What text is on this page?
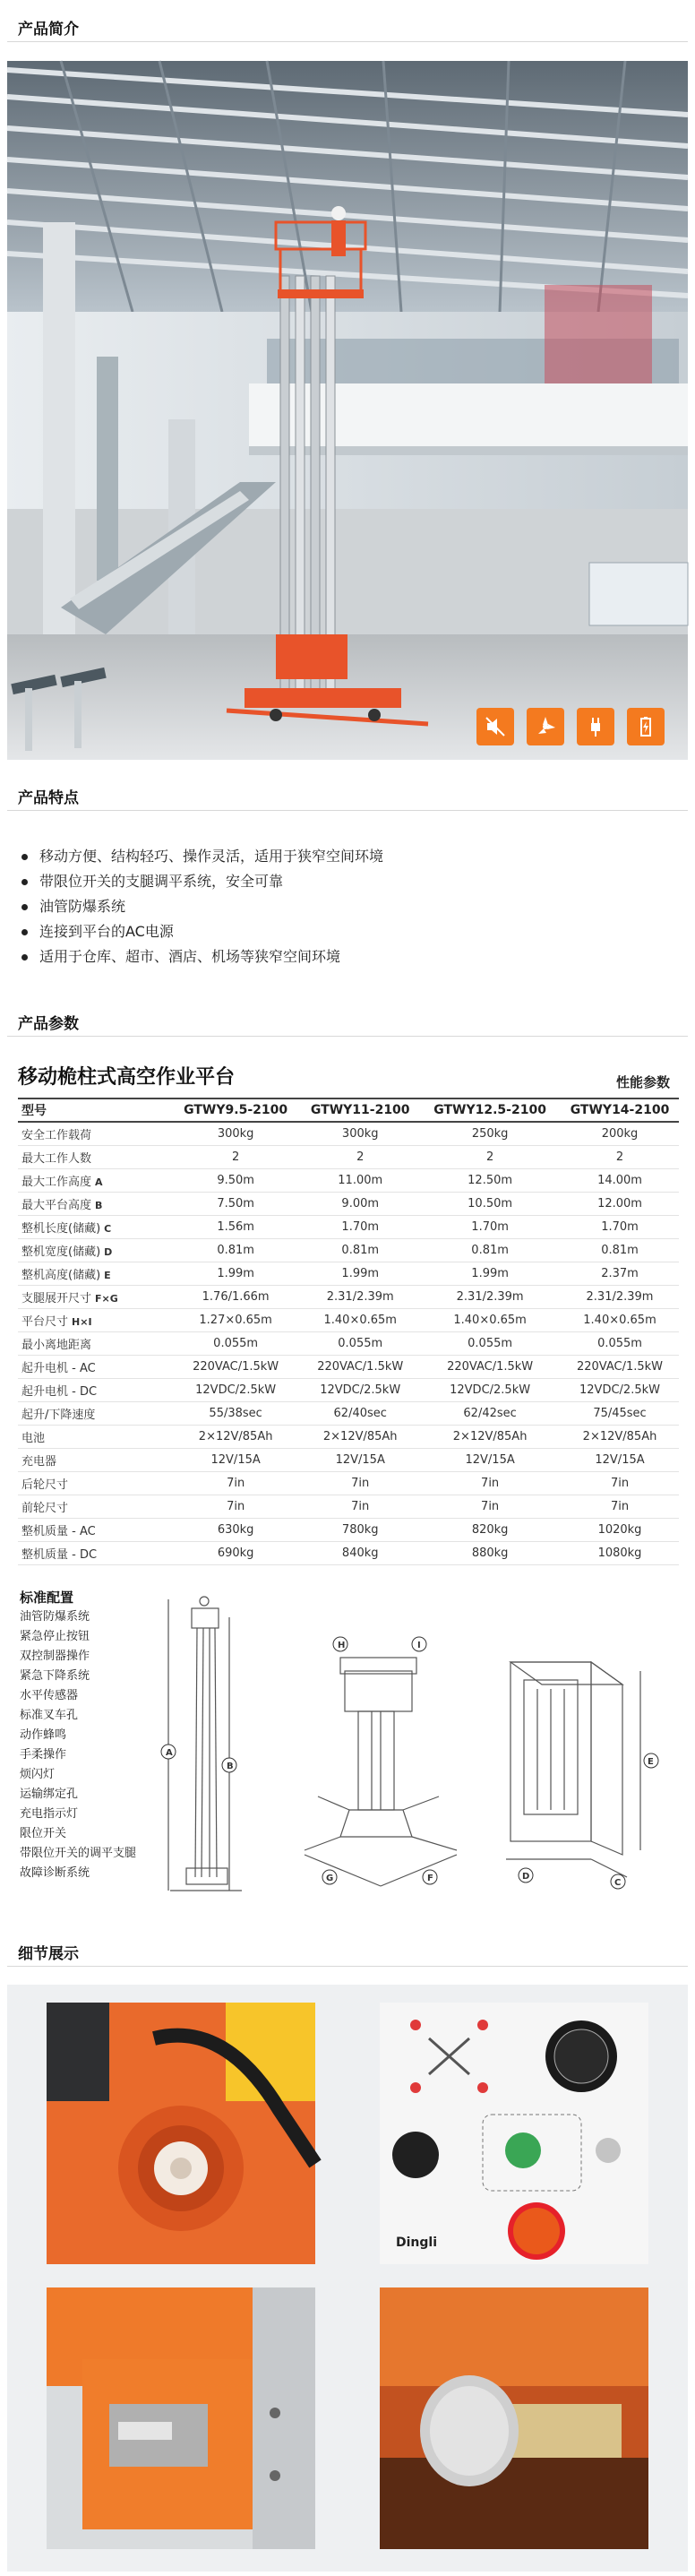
产品简介
产品特点
移动方便、结构轻巧、操作灵活，适用于狭窄空间环境
带限位开关的支腿调平系统，安全可靠
油管防爆系统
连接到平台的AC电源
适用于仓库、超市、酒店、机场等狭窄空间环境
产品参数
移动桅柱式高空作业平台	性能参数
型号	GTWY9.5-2100	GTWY11-2100	GTWY12.5-2100	GTWY14-2100
安全工作载荷	300kg	300kg	250kg	200kg
最大工作人数	2	2	2	2
最大工作高度 A	9.50m	11.00m	12.50m	14.00m
最大平台高度 B	7.50m	9.00m	10.50m	12.00m
整机长度(储藏) C	1.56m	1.70m	1.70m	1.70m
整机宽度(储藏) D	0.81m	0.81m	0.81m	0.81m
整机高度(储藏) E	1.99m	1.99m	1.99m	2.37m
支腿展开尺寸 F×G	1.76/1.66m	2.31/2.39m	2.31/2.39m	2.31/2.39m
平台尺寸 H×I	1.27×0.65m	1.40×0.65m	1.40×0.65m	1.40×0.65m
最小离地距离	0.055m	0.055m	0.055m	0.055m
起升电机 - AC	220VAC/1.5kW	220VAC/1.5kW	220VAC/1.5kW	220VAC/1.5kW
起升电机 - DC	12VDC/2.5kW	12VDC/2.5kW	12VDC/2.5kW	12VDC/2.5kW
起升/下降速度	55/38sec	62/40sec	62/42sec	75/45sec
电池	2×12V/85Ah	2×12V/85Ah	2×12V/85Ah	2×12V/85Ah
充电器	12V/15A	12V/15A	12V/15A	12V/15A
后轮尺寸	7in	7in	7in	7in
前轮尺寸	7in	7in	7in	7in
整机质量 - AC	630kg	780kg	820kg	1020kg
整机质量 - DC	690kg	840kg	880kg	1080kg
标准配置
油管防爆系统
紧急停止按钮
双控制器操作
紧急下降系统
水平传感器
标准叉车孔
动作蜂鸣
手柔操作
烦闪灯
运输绑定孔
充电指示灯
限位开关
带限位开关的调平支腿
故障诊断系统
A
B
H	I
G	F	D
C
E
细节展示
Dingli
